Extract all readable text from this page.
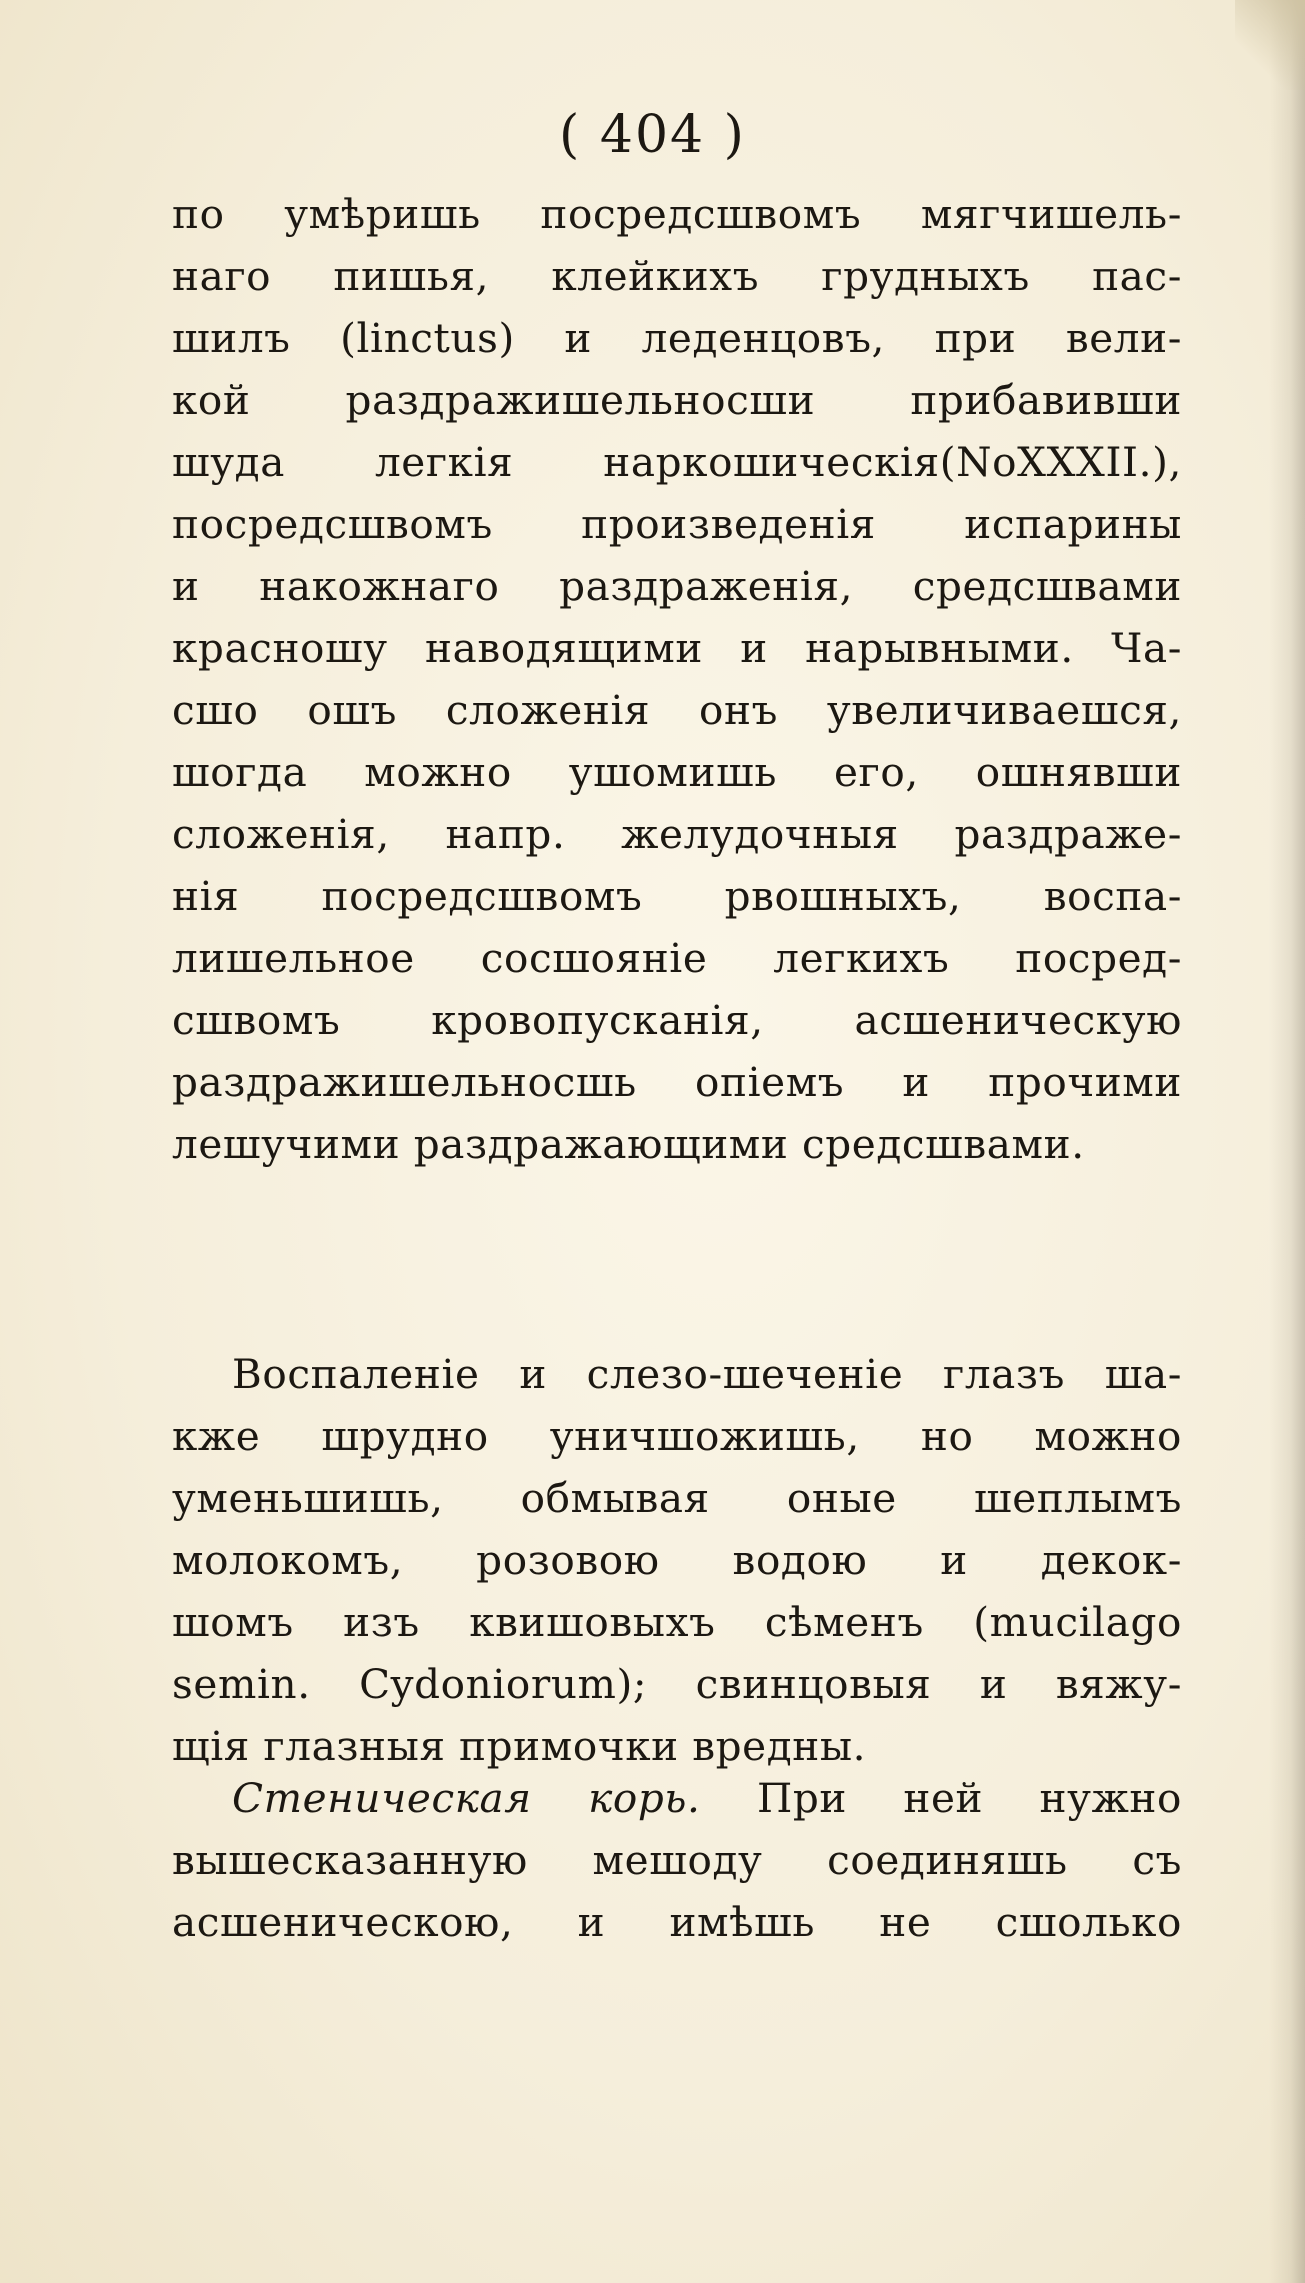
( 404 )
по умѣришь посредсшвомъ мягчишель-
наго пишья, клейкихъ грудныхъ пас-
шилъ (linctus) и леденцовъ, при вели-
кой раздражишельносши прибавивши
шуда легкія наркошическія(NoXXXII.),
посредсшвомъ произведенія испарины
и накожнаго раздраженія, средсшвами
красношу наводящими и нарывными. Ча-
сшо ошъ сложенія онъ увеличиваешся,
шогда можно ушомишь его, ошнявши
сложенія, напр. желудочныя раздраже-
нія посредсшвомъ рвошныхъ, воспа-
лишельное сосшояніе легкихъ посред-
сшвомъ кровопусканія, асшеническую
раздражишельносшь опіемъ и прочими
лешучими раздражающими средсшвами.
Воспаленіе и слезо-шеченіе глазъ ша-
кже шрудно уничшожишь, но можно
уменьшишь, обмывая оные шеплымъ
молокомъ, розовою водою и декок-
шомъ изъ квишовыхъ сѣменъ (mucilago
semin. Cydoniorum); свинцовыя и вяжу-
щія глазныя примочки вредны.
Стеническая корь. При ней нужно
вышесказанную мешоду соединяшь съ
асшеническою, и имѣшь не сшолько
